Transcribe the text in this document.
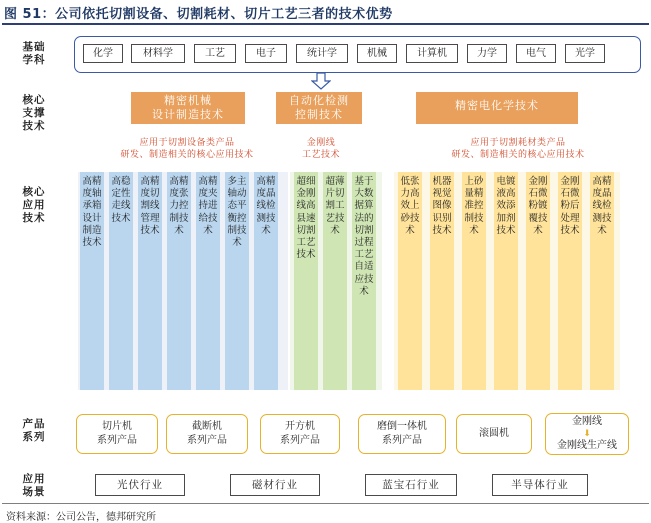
图 51：公司依托切割设备、切割耗材、切片工艺三者的技术优势
基础
学科
核心
支撑
技术
核心
应用
技术
产品
系列
应用
场景
化学	材料学	工艺	电子	统计学	机械	计算机	力学	电气	光学
精密机械
设计制造技术
自动化检测
控制技术
精密电化学技术
应用于切割设备类产品
研发、制造相关的核心应用技术
金刚线
工艺技术
应用于切割耗材类产品
研发、制造相关的核心应用技术
高精度轴承箱设计制造技术
高稳定性走线技术
高精度切割线管理技术
高精度张力控制技术
高精度夹持进给技术
多主轴动态平衡控制技术
高精度晶线检测技术
超细金刚线高县速切割工艺技术
超薄片切割工艺技术
基于大数据算法的切割过程工艺自适应技术
低张力高效上砂技术
机器视觉图像识别技术
上砂量精准控制技术
电镀液高效添加剂技术
金刚石微粉镀覆技术
金刚石微粉后处理技术
高精度晶线检测技术
切片机
系列产品
截断机
系列产品
开方机
系列产品
磨倒一体机
系列产品
滚圆机
金刚线
⬇
金刚线生产线
光伏行业	磁材行业	蓝宝石行业	半导体行业
资料来源：公司公告，德邦研究所
